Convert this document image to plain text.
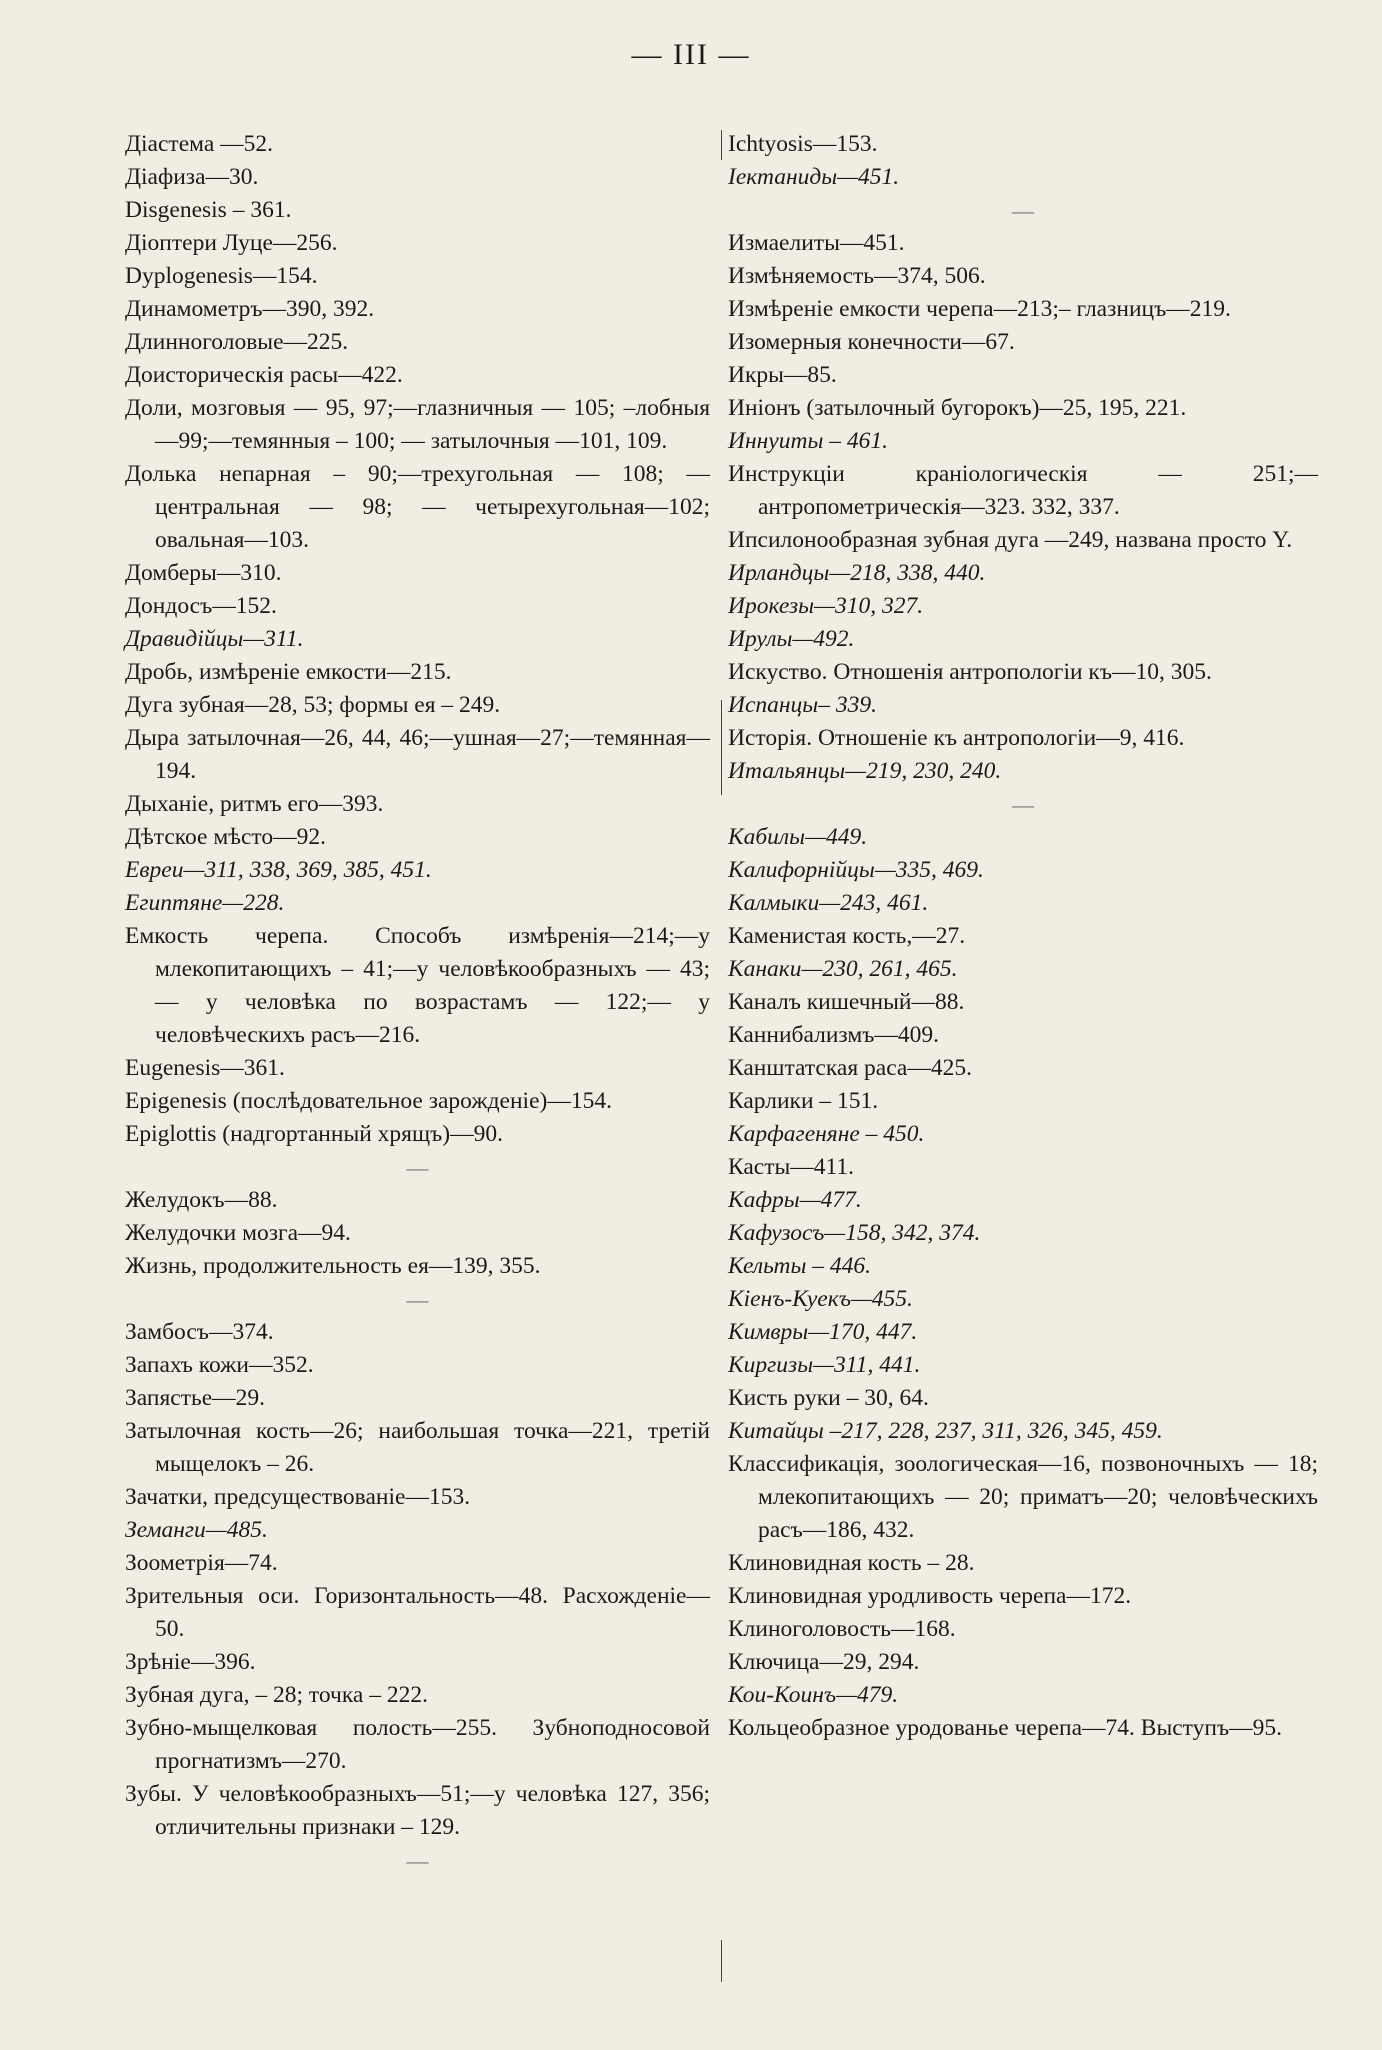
— III —
Діастема —52.
Діафиза—30.
Disgenesis – 361.
Діоптери Луце—256.
Dyplogenesis—154.
Динамометръ—390, 392.
Длинноголовые—225.
Доисторическія расы—422.
Доли, мозговыя — 95, 97;—глазничныя — 105; –лобныя—99;—темянныя – 100; — затылочныя —101, 109.
Долька непарная – 90;—трехугольная — 108; — центральная — 98; — четырехугольная—102; овальная—103.
Домберы—310.
Дондосъ—152.
Дравидійцы—311.
Дробь, измѣреніе емкости—215.
Дуга зубная—28, 53; формы ея – 249.
Дыра затылочная—26, 44, 46;—ушная—27;—темянная—194.
Дыханіе, ритмъ его—393.
Дѣтское мѣсто—92.
Евреи—311, 338, 369, 385, 451.
Египтяне—228.
Емкость черепа. Способъ измѣренія—214;—у млекопитающихъ – 41;—у человѣкообразныхъ — 43; — у человѣка по возрастамъ — 122;— у человѣческихъ расъ—216.
Eugenesis—361.
Epigenesis (послѣдовательное зарожденіе)—154.
Epiglottis (надгортанный хрящъ)—90.
—
Желудокъ—88.
Желудочки мозга—94.
Жизнь, продолжительность ея—139, 355.
—
Замбосъ—374.
Запахъ кожи—352.
Запястье—29.
Затылочная кость—26; наибольшая точка—221, третій мыщелокъ – 26.
Зачатки, предсуществованіе—153.
Земанги—485.
Зоометрія—74.
Зрительныя оси. Горизонтальность—48. Расхожденіе—50.
Зрѣніе—396.
Зубная дуга, – 28; точка – 222.
Зубно-мыщелковая полость—255. Зубноподносовой прогнатизмъ—270.
Зубы. У человѣкообразныхъ—51;—у человѣка 127, 356; отличительны признаки – 129.
—
Ichtyosis—153.
Іектаниды—451.
—
Измаелиты—451.
Измѣняемость—374, 506.
Измѣреніе емкости черепа—213;– глазницъ—219.
Изомерныя конечности—67.
Икры—85.
Иніонъ (затылочный бугорокъ)—25, 195, 221.
Иннуиты – 461.
Инструкціи краніологическія — 251;—антропометрическія—323. 332, 337.
Ипсилонообразная зубная дуга —249, названа просто Y.
Ирландцы—218, 338, 440.
Ирокезы—310, 327.
Ирулы—492.
Искуство. Отношенія антропологіи къ—10, 305.
Испанцы– 339.
Исторія. Отношеніе къ антропологіи—9, 416.
Итальянцы—219, 230, 240.
—
Кабилы—449.
Калифорнійцы—335, 469.
Калмыки—243, 461.
Каменистая кость,—27.
Канаки—230, 261, 465.
Каналъ кишечный—88.
Каннибализмъ—409.
Канштатская раса—425.
Карлики – 151.
Карфагеняне – 450.
Касты—411.
Кафры—477.
Кафузосъ—158, 342, 374.
Кельты – 446.
Кіенъ-Куекъ—455.
Кимвры—170, 447.
Киргизы—311, 441.
Кисть руки – 30, 64.
Китайцы –217, 228, 237, 311, 326, 345, 459.
Классификація, зоологическая—16, позвоночныхъ — 18; млекопитающихъ — 20; приматъ—20; человѣческихъ расъ—186, 432.
Клиновидная кость – 28.
Клиновидная уродливость черепа—172.
Клиноголовость—168.
Ключица—29, 294.
Кои-Коинъ—479.
Кольцеобразное уродованье черепа—74. Выступъ—95.
